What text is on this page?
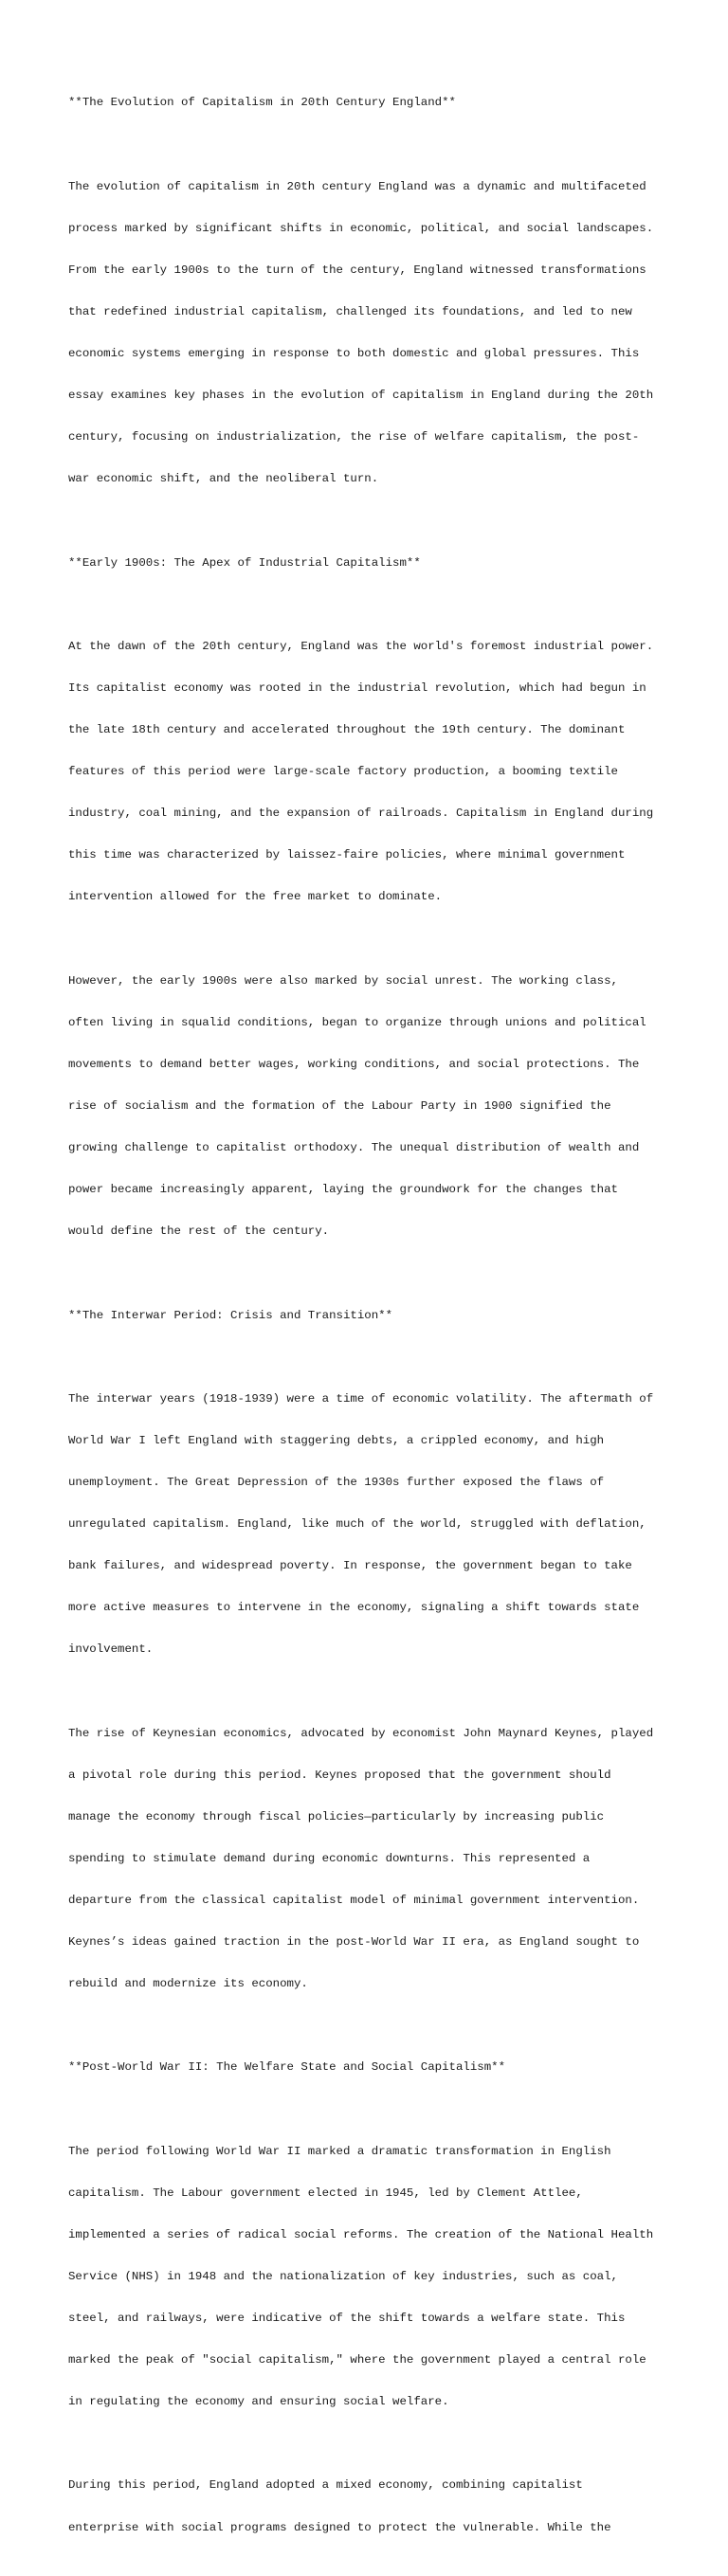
**The Evolution of Capitalism in 20th Century England**

The evolution of capitalism in 20th century England was a dynamic and multifaceted

process marked by significant shifts in economic, political, and social landscapes.

From the early 1900s to the turn of the century, England witnessed transformations

that redefined industrial capitalism, challenged its foundations, and led to new

economic systems emerging in response to both domestic and global pressures. This

essay examines key phases in the evolution of capitalism in England during the 20th

century, focusing on industrialization, the rise of welfare capitalism, the post-

war economic shift, and the neoliberal turn.

**Early 1900s: The Apex of Industrial Capitalism**

At the dawn of the 20th century, England was the world's foremost industrial power.

Its capitalist economy was rooted in the industrial revolution, which had begun in

the late 18th century and accelerated throughout the 19th century. The dominant

features of this period were large-scale factory production, a booming textile

industry, coal mining, and the expansion of railroads. Capitalism in England during

this time was characterized by laissez-faire policies, where minimal government

intervention allowed for the free market to dominate.

However, the early 1900s were also marked by social unrest. The working class,

often living in squalid conditions, began to organize through unions and political

movements to demand better wages, working conditions, and social protections. The

rise of socialism and the formation of the Labour Party in 1900 signified the

growing challenge to capitalist orthodoxy. The unequal distribution of wealth and

power became increasingly apparent, laying the groundwork for the changes that

would define the rest of the century.

**The Interwar Period: Crisis and Transition**

The interwar years (1918-1939) were a time of economic volatility. The aftermath of

World War I left England with staggering debts, a crippled economy, and high

unemployment. The Great Depression of the 1930s further exposed the flaws of

unregulated capitalism. England, like much of the world, struggled with deflation,

bank failures, and widespread poverty. In response, the government began to take

more active measures to intervene in the economy, signaling a shift towards state

involvement.

The rise of Keynesian economics, advocated by economist John Maynard Keynes, played

a pivotal role during this period. Keynes proposed that the government should

manage the economy through fiscal policies—particularly by increasing public

spending to stimulate demand during economic downturns. This represented a

departure from the classical capitalist model of minimal government intervention.

Keynes’s ideas gained traction in the post-World War II era, as England sought to

rebuild and modernize its economy.

**Post-World War II: The Welfare State and Social Capitalism**

The period following World War II marked a dramatic transformation in English

capitalism. The Labour government elected in 1945, led by Clement Attlee,

implemented a series of radical social reforms. The creation of the National Health

Service (NHS) in 1948 and the nationalization of key industries, such as coal,

steel, and railways, were indicative of the shift towards a welfare state. This

marked the peak of "social capitalism," where the government played a central role

in regulating the economy and ensuring social welfare.

During this period, England adopted a mixed economy, combining capitalist

enterprise with social programs designed to protect the vulnerable. While the
